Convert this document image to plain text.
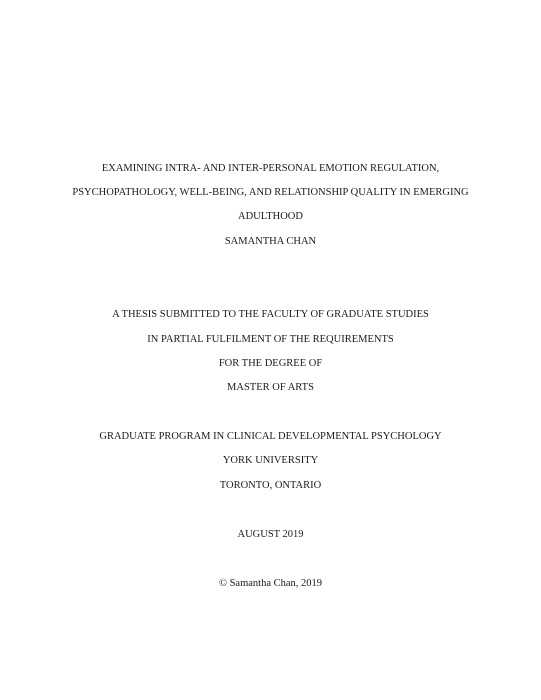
EXAMINING INTRA- AND INTER-PERSONAL EMOTION REGULATION,
PSYCHOPATHOLOGY, WELL-BEING, AND RELATIONSHIP QUALITY IN EMERGING
ADULTHOOD
SAMANTHA CHAN
A THESIS SUBMITTED TO THE FACULTY OF GRADUATE STUDIES
IN PARTIAL FULFILMENT OF THE REQUIREMENTS
FOR THE DEGREE OF
MASTER OF ARTS
GRADUATE PROGRAM IN CLINICAL DEVELOPMENTAL PSYCHOLOGY
YORK UNIVERSITY
TORONTO, ONTARIO
AUGUST 2019
© Samantha Chan, 2019
